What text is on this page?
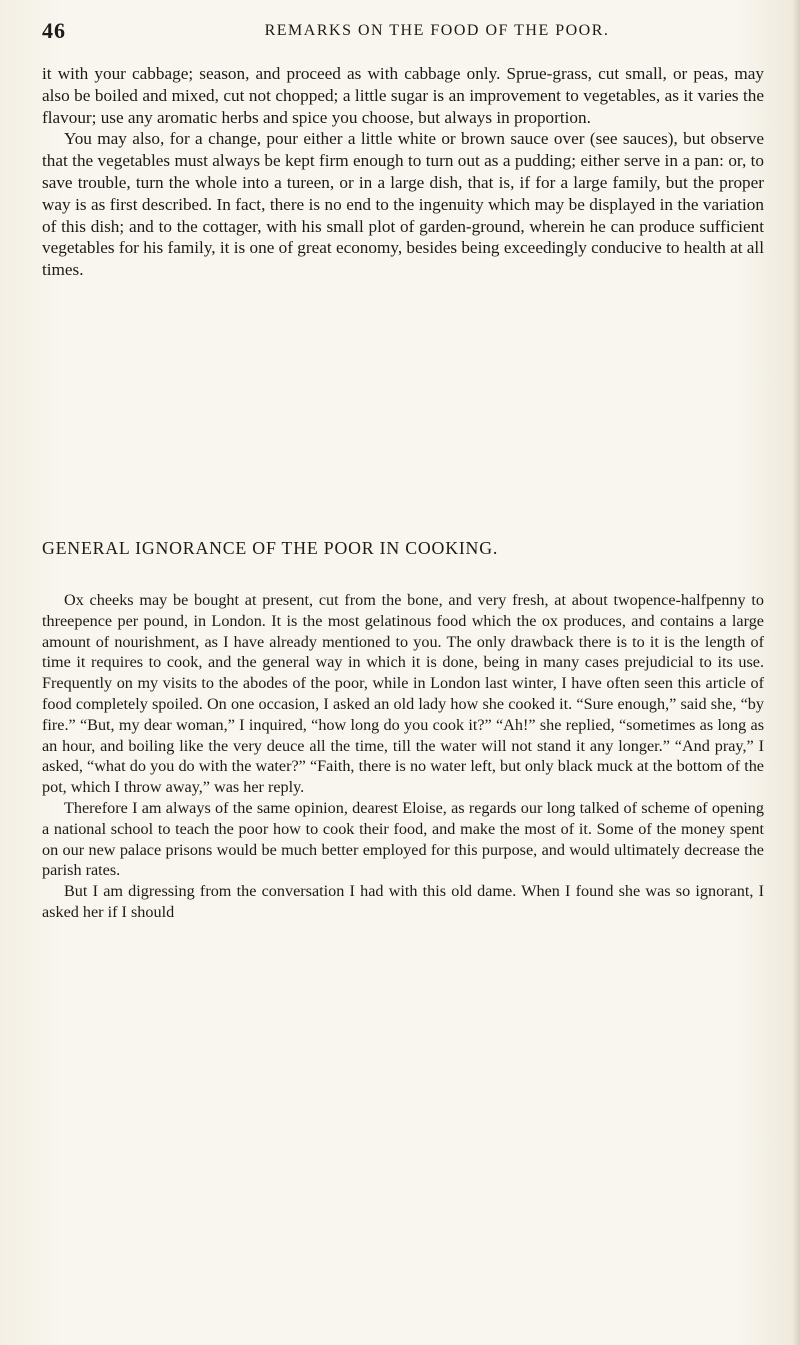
46	REMARKS ON THE FOOD OF THE POOR.

it with your cabbage; season, and proceed as with cabbage only. Sprue-grass, cut small, or peas, may also be boiled and mixed, cut not chopped; a little sugar is an improvement to vegetables, as it varies the flavour; use any aromatic herbs and spice you choose, but always in proportion.

You may also, for a change, pour either a little white or brown sauce over (see sauces), but observe that the vegetables must always be kept firm enough to turn out as a pudding; either serve in a pan: or, to save trouble, turn the whole into a tureen, or in a large dish, that is, if for a large family, but the proper way is as first described. In fact, there is no end to the ingenuity which may be displayed in the variation of this dish; and to the cottager, with his small plot of garden-ground, wherein he can produce sufficient vegetables for his family, it is one of great economy, besides being exceedingly conducive to health at all times.

GENERAL IGNORANCE OF THE POOR IN COOKING.

Ox cheeks may be bought at present, cut from the bone, and very fresh, at about twopence-halfpenny to threepence per pound, in London. It is the most gelatinous food which the ox produces, and contains a large amount of nourishment, as I have already mentioned to you. The only drawback there is to it is the length of time it requires to cook, and the general way in which it is done, being in many cases prejudicial to its use. Frequently on my visits to the abodes of the poor, while in London last winter, I have often seen this article of food completely spoiled. On one occasion, I asked an old lady how she cooked it. “Sure enough,” said she, “by fire.” “But, my dear woman,” I inquired, “how long do you cook it?” “Ah!” she replied, “sometimes as long as an hour, and boiling like the very deuce all the time, till the water will not stand it any longer.” “And pray,” I asked, “what do you do with the water?” “Faith, there is no water left, but only black muck at the bottom of the pot, which I throw away,” was her reply.

Therefore I am always of the same opinion, dearest Eloise, as regards our long talked of scheme of opening a national school to teach the poor how to cook their food, and make the most of it. Some of the money spent on our new palace prisons would be much better employed for this purpose, and would ultimately decrease the parish rates.

But I am digressing from the conversation I had with this old dame. When I found she was so ignorant, I asked her if I should
